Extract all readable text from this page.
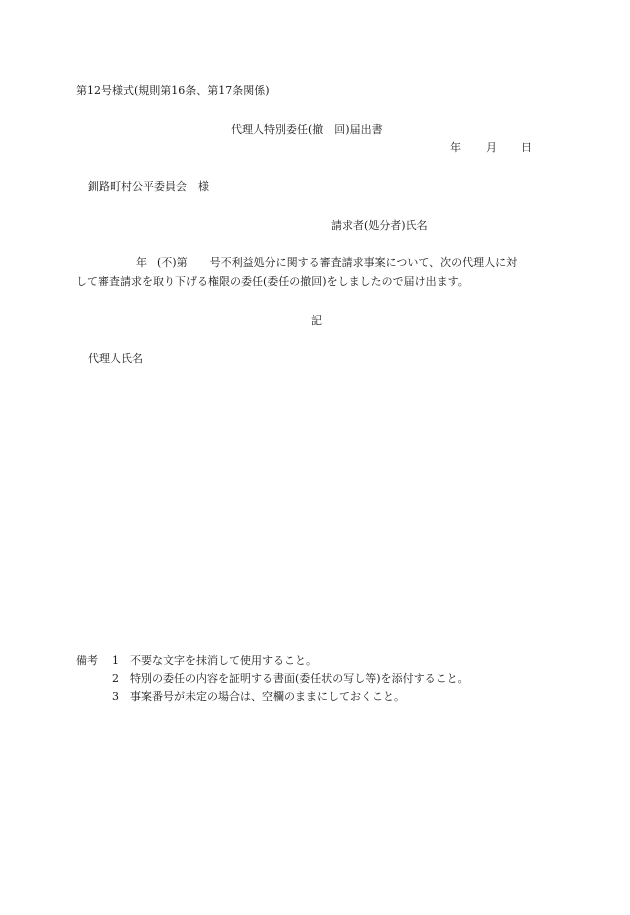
第12号様式(規則第16条、第17条関係)
代理人特別委任(撤　回)届出書
年 月 日
釧路町村公平委員会　様
請求者(処分者)氏名
年 (不)第 号不利益処分に関する審査請求事案について、次の代理人に対
して審査請求を取り下げる権限の委任(委任の撤回)をしましたので届け出ます。
記
代理人氏名
備考 1 不要な文字を抹消して使用すること。
2 特別の委任の内容を証明する書面(委任状の写し等)を添付すること。
3 事案番号が未定の場合は、空欄のままにしておくこと。
